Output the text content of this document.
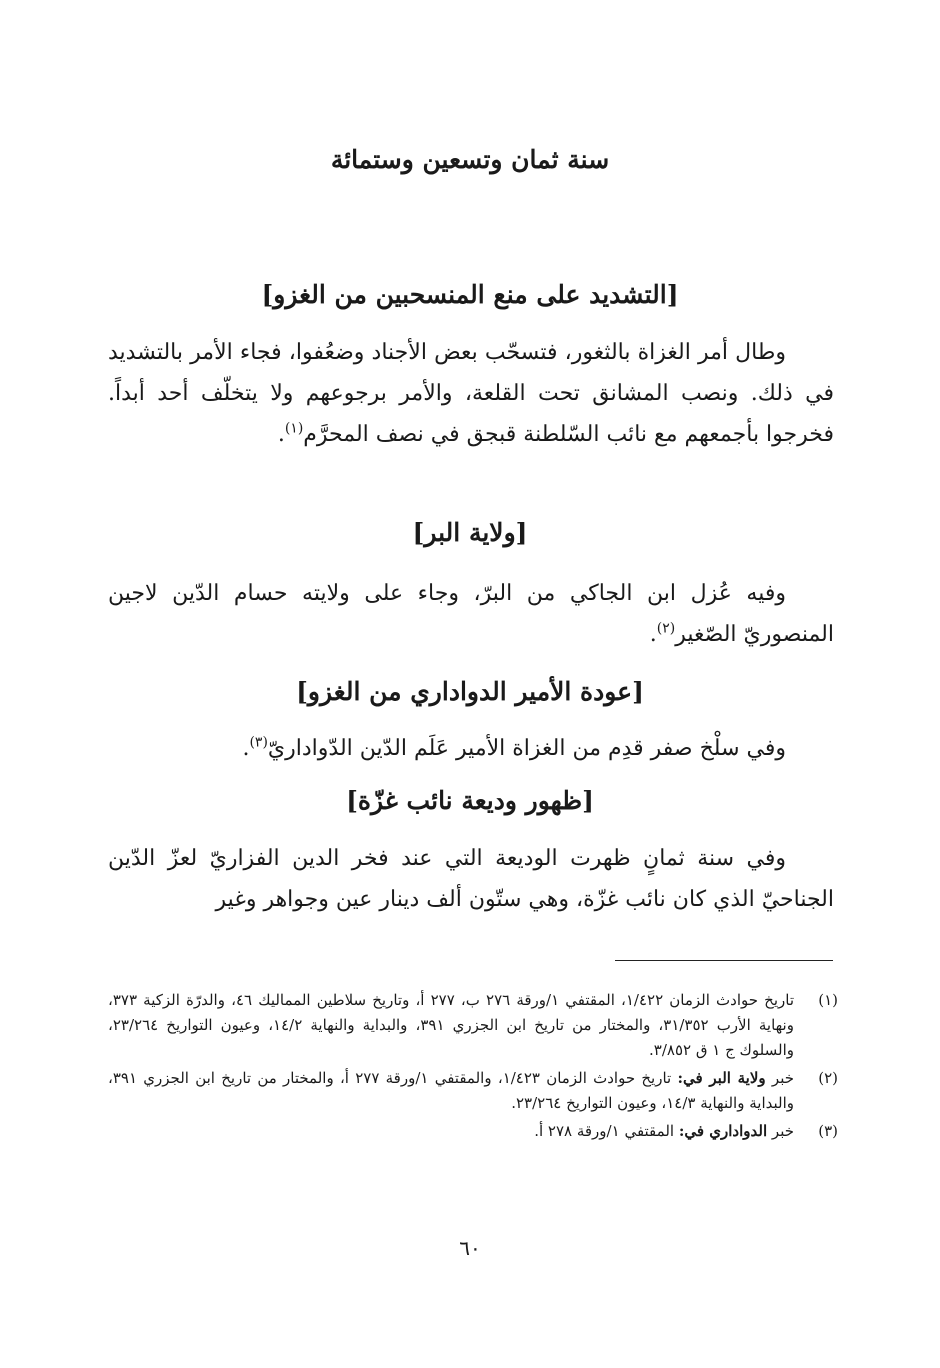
سنة ثمان وتسعين وستمائة
[التشديد على منع المنسحبين من الغزو]
وطال أمر الغزاة بالثغور، فتسحّب بعض الأجناد وضعُفوا، فجاء الأمر بالتشديد في ذلك. ونصب المشانق تحت القلعة، والأمر برجوعهم ولا يتخلّف أحد أبداً. فخرجوا بأجمعهم مع نائب السّلطنة قبجق في نصف المحرَّم$^{(١)}$.
[ولاية البر]
وفيه عُزل ابن الجاكي من البرّ، وجاء على ولايته حسام الدّين لاجين المنصوريّ الصّغير$^{(٢)}$.
[عودة الأمير الدواداري من الغزو]
وفي سلْخ صفر قدِم من الغزاة الأمير عَلَم الدّين الدّواداريّ$^{(٣)}$.
[ظهور وديعة نائب غزّة]
وفي سنة ثمانٍ ظهرت الوديعة التي عند فخر الدين الفزاريّ لعزّ الدّين الجناحيّ الذي كان نائب غزّة، وهي ستّون ألف دينار عين وجواهر وغير
(١)
تاريخ حوادث الزمان ١/٤٢٢، المقتفي ١/ورقة ٢٧٦ ب، ٢٧٧ أ، وتاريخ سلاطين المماليك ٤٦، والدرّة الزكية ٣٧٣، ونهاية الأرب ٣١/٣٥٢، والمختار من تاريخ ابن الجزري ٣٩١، والبداية والنهاية ١٤/٢، وعيون التواريخ ٢٣/٢٦٤، والسلوك ج ١ ق ٣/٨٥٢.
(٢)
خبر ولاية البر في: تاريخ حوادث الزمان ١/٤٢٣، والمقتفي ١/ورقة ٢٧٧ أ، والمختار من تاريخ ابن الجزري ٣٩١، والبداية والنهاية ١٤/٣، وعيون التواريخ ٢٣/٢٦٤.
(٣)
خبر الدواداري في: المقتفي ١/ورقة ٢٧٨ أ.
٦٠
